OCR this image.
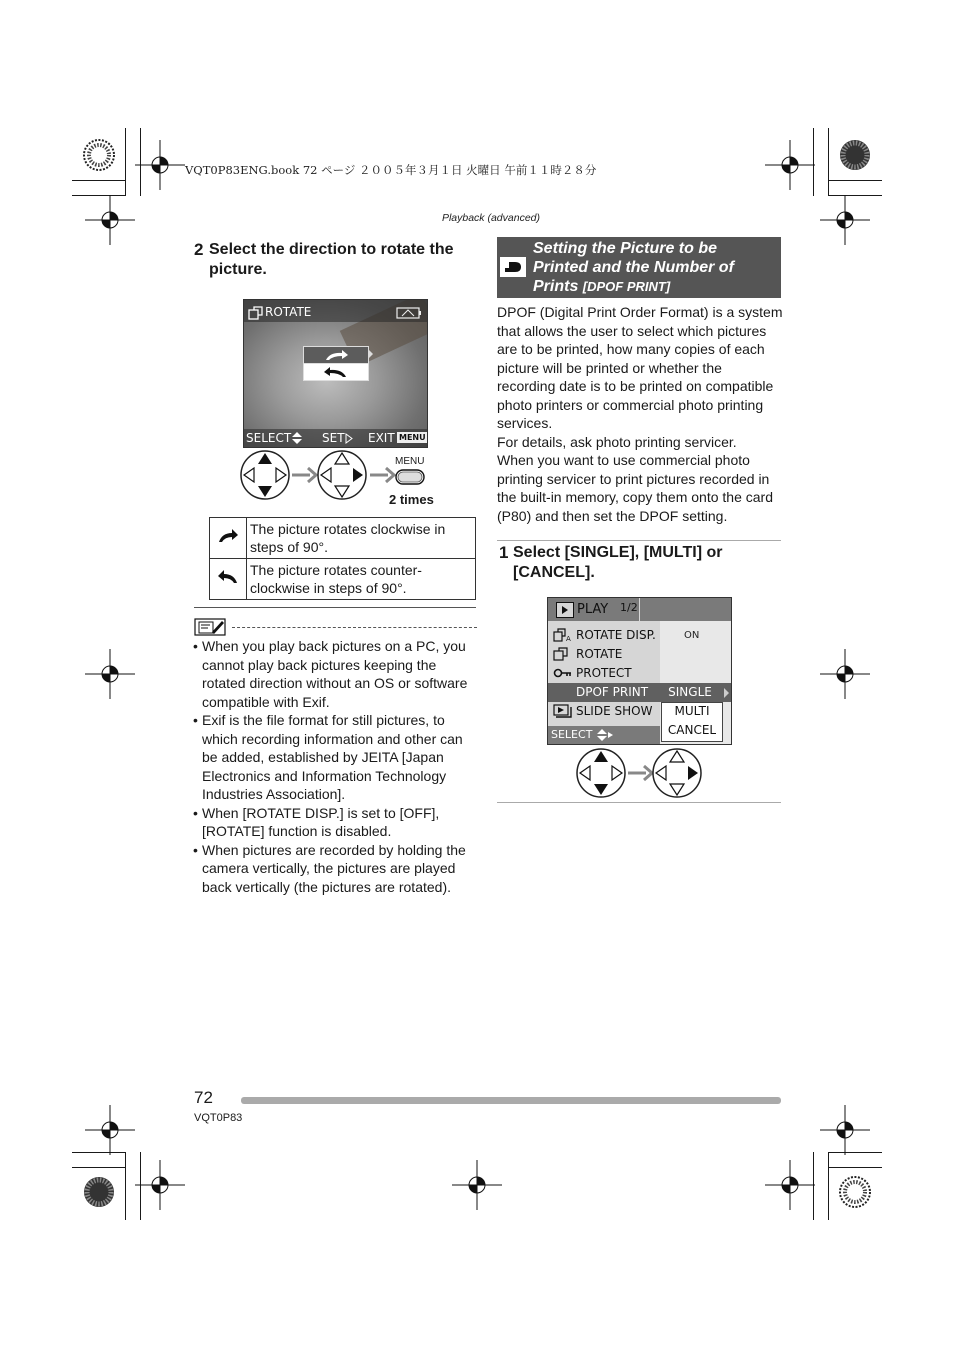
VQT0P83ENG.book 72 ページ ２００５年３月１日 火曜日 午前１１時２８分
Playback (advanced)
2 Select the direction to rotate the picture.
ROTATE
SELECT	SET EXIT MENU
MENU
2 times
	The picture rotates clockwise in steps of 90°.
	The picture rotates counter-clockwise in steps of 90°.
• When you play back pictures on a PC, you cannot play back pictures keeping the rotated direction without an OS or software compatible with Exif.
• Exif is the file format for still pictures, to which recording information and other can be added, established by JEITA [Japan Electronics and Information Technology Industries Association].
• When [ROTATE DISP.] is set to [OFF], [ROTATE] function is disabled.
• When pictures are recorded by holding the camera vertically, the pictures are played back vertically (the pictures are rotated).
Setting the Picture to be Printed and the Number of Prints [DPOF PRINT]
DPOF (Digital Print Order Format) is a system that allows the user to select which pictures are to be printed, how many copies of each picture will be printed or whether the recording date is to be printed on compatible photo printers or commercial photo printing services.
For details, ask photo printing servicer.
When you want to use commercial photo printing servicer to print pictures recorded in the built-in memory, copy them onto the card (P80) and then set the DPOF setting.
1 Select [SINGLE], [MULTI] or [CANCEL].
PLAY 1/2
A ROTATE DISP.
ROTATE
PROTECT
DPOF PRINT
SLIDE SHOW
ON
SINGLE
MULTI
CANCEL
SELECT
72
VQT0P83
